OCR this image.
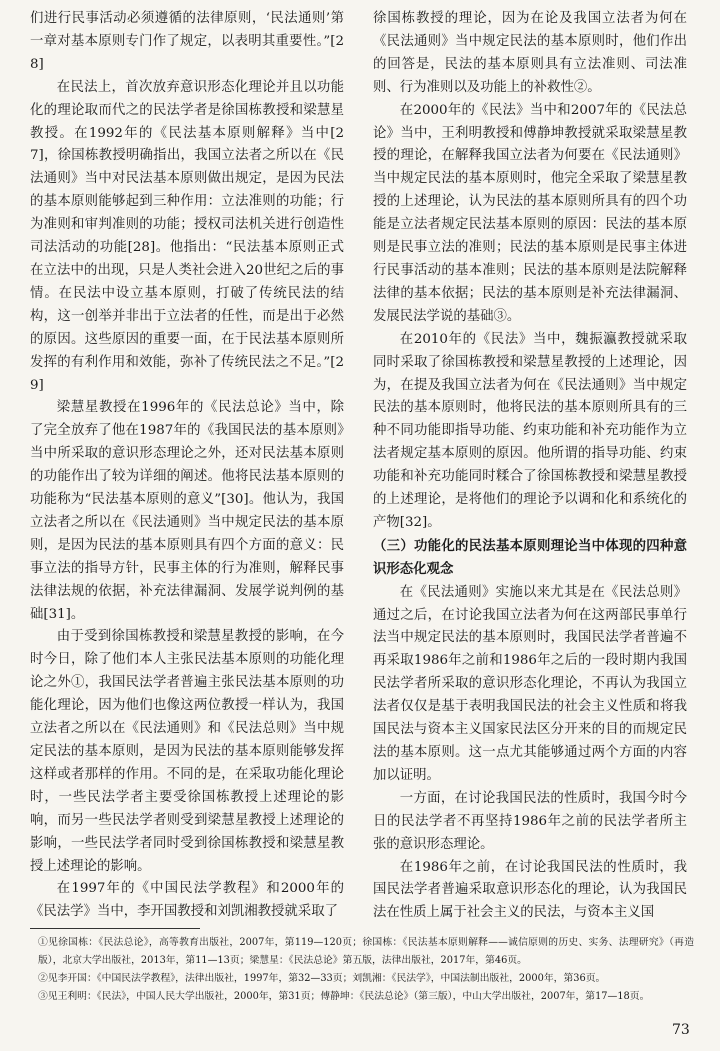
们进行民事活动必须遵循的法律原则，‘民法通则’第一章对基本原则专门作了规定，以表明其重要性。”[28]

在民法上，首次放弃意识形态化理论并且以功能化的理论取而代之的民法学者是徐国栋教授和梁慧星教授。在1992年的《民法基本原则解释》当中[27]，徐国栋教授明确指出，我国立法者之所以在《民法通则》当中对民法基本原则做出规定，是因为民法的基本原则能够起到三种作用：立法准则的功能；行为准则和审判准则的功能；授权司法机关进行创造性司法活动的功能[28]。他指出：“民法基本原则正式在立法中的出现，只是人类社会进入20世纪之后的事情。在民法中设立基本原则，打破了传统民法的结构，这一创举并非出于立法者的任性，而是出于必然的原因。这些原因的重要一面，在于民法基本原则所发挥的有利作用和效能，弥补了传统民法之不足。”[29]

梁慧星教授在1996年的《民法总论》当中，除了完全放弃了他在1987年的《我国民法的基本原则》当中所采取的意识形态理论之外，还对民法基本原则的功能作出了较为详细的阐述。他将民法基本原则的功能称为“民法基本原则的意义”[30]。他认为，我国立法者之所以在《民法通则》当中规定民法的基本原则，是因为民法的基本原则具有四个方面的意义：民事立法的指导方针，民事主体的行为准则，解释民事法律法规的依据，补充法律漏洞、发展学说判例的基础[31]。

由于受到徐国栋教授和梁慧星教授的影响，在今时今日，除了他们本人主张民法基本原则的功能化理论之外①，我国民法学者普遍主张民法基本原则的功能化理论，因为他们也像这两位教授一样认为，我国立法者之所以在《民法通则》和《民法总则》当中规定民法的基本原则，是因为民法的基本原则能够发挥这样或者那样的作用。不同的是，在采取功能化理论时，一些民法学者主要受徐国栋教授上述理论的影响，而另一些民法学者则受到梁慧星教授上述理论的影响，一些民法学者同时受到徐国栋教授和梁慧星教授上述理论的影响。

在1997年的《中国民法学教程》和2000年的《民法学》当中，李开国教授和刘凯湘教授就采取了

徐国栋教授的理论，因为在论及我国立法者为何在《民法通则》当中规定民法的基本原则时，他们作出的回答是，民法的基本原则具有立法准则、司法准则、行为准则以及功能上的补救性②。

在2000年的《民法》当中和2007年的《民法总论》当中，王利明教授和傅静坤教授就采取梁慧星教授的理论，在解释我国立法者为何要在《民法通则》当中规定民法的基本原则时，他完全采取了梁慧星教授的上述理论，认为民法的基本原则所具有的四个功能是立法者规定民法基本原则的原因：民法的基本原则是民事立法的准则；民法的基本原则是民事主体进行民事活动的基本准则；民法的基本原则是法院解释法律的基本依据；民法的基本原则是补充法律漏洞、发展民法学说的基础③。

在2010年的《民法》当中，魏振瀛教授就采取同时采取了徐国栋教授和梁慧星教授的上述理论，因为，在提及我国立法者为何在《民法通则》当中规定民法的基本原则时，他将民法的基本原则所具有的三种不同功能即指导功能、约束功能和补充功能作为立法者规定基本原则的原因。他所谓的指导功能、约束功能和补充功能同时糅合了徐国栋教授和梁慧星教授的上述理论，是将他们的理论予以调和化和系统化的产物[32]。

（三）功能化的民法基本原则理论当中体现的四种意识形态化观念

在《民法通则》实施以来尤其是在《民法总则》通过之后，在讨论我国立法者为何在这两部民事单行法当中规定民法的基本原则时，我国民法学者普遍不再采取1986年之前和1986年之后的一段时期内我国民法学者所采取的意识形态化理论，不再认为我国立法者仅仅是基于表明我国民法的社会主义性质和将我国民法与资本主义国家民法区分开来的目的而规定民法的基本原则。这一点尤其能够通过两个方面的内容加以证明。

一方面，在讨论我国民法的性质时，我国今时今日的民法学者不再坚持1986年之前的民法学者所主张的意识形态理论。

在1986年之前，在讨论我国民法的性质时，我国民法学者普遍采取意识形态化的理论，认为我国民法在性质上属于社会主义的民法，与资本主义国

①见徐国栋：《民法总论》，高等教育出版社，2007年，第119—120页；徐国栋：《民法基本原则解释——诚信原则的历史、实务、法理研究》（再造版），北京大学出版社，2013年，第11—13页；梁慧星：《民法总论》第五版，法律出版社，2017年，第46页。

②见李开国：《中国民法学教程》，法律出版社，1997年，第32—33页；刘凯湘：《民法学》，中国法制出版社，2000年，第36页。

③见王利明：《民法》，中国人民大学出版社，2000年，第31页；傅静坤：《民法总论》（第三版），中山大学出版社，2007年，第17—18页。

73
